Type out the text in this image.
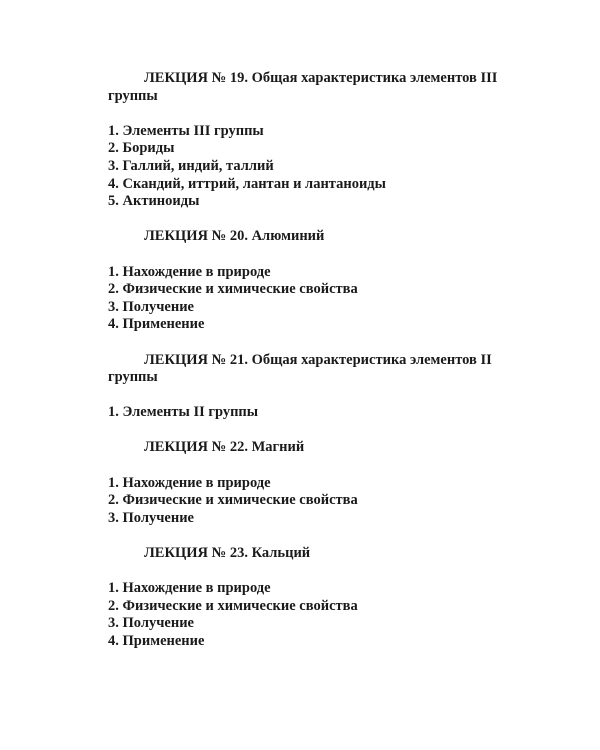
ЛЕКЦИЯ № 19. Общая характеристика элементов III группы

1. Элементы III группы
2. Бориды
3. Галлий, индий, таллий
4. Скандий, иттрий, лантан и лантаноиды
5. Актиноиды

ЛЕКЦИЯ № 20. Алюминий

1. Нахождение в природе
2. Физические и химические свойства
3. Получение
4. Применение

ЛЕКЦИЯ № 21. Общая характеристика элементов II группы

1. Элементы II группы

ЛЕКЦИЯ № 22. Магний

1. Нахождение в природе
2. Физические и химические свойства
3. Получение

ЛЕКЦИЯ № 23. Кальций

1. Нахождение в природе
2. Физические и химические свойства
3. Получение
4. Применение
